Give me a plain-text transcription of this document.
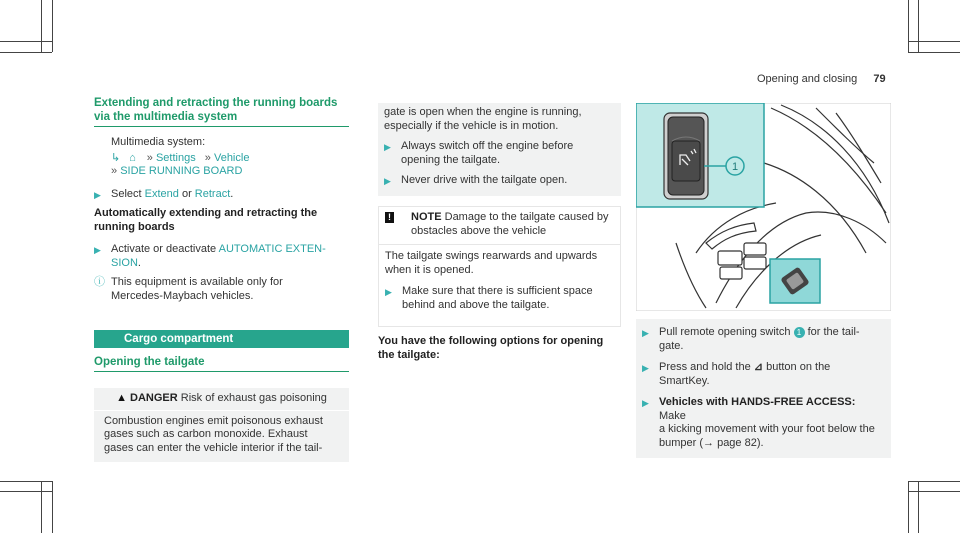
Opening and closing 79
Extending and retracting the running boards
via the multimedia system
Multimedia system:
↳ ⌂ » Settings » Vehicle
» SIDE RUNNING BOARD
▶ Select Extend or Retract.
Automatically extending and retracting the
running boards
▶ Activate or deactivate AUTOMATIC EXTEN-
SION.
ⓘ This equipment is available only for
Mercedes-Maybach vehicles.
Cargo compartment
Opening the tailgate
▲ DANGER Risk of exhaust gas poisoning
Combustion engines emit poisonous exhaust
gases such as carbon monoxide. Exhaust
gases can enter the vehicle interior if the tail-
gate is open when the engine is running,
especially if the vehicle is in motion.
▶ Always switch off the engine before
opening the tailgate.
▶ Never drive with the tailgate open.
!	NOTE Damage to the tailgate caused by
obstacles above the vehicle
The tailgate swings rearwards and upwards
when it is opened.
▶ Make sure that there is sufficient space
behind and above the tailgate.
You have the following options for opening
the tailgate:
1
▶ Pull remote opening switch 1 for the tail-
gate.
▶ Press and hold the ⊿ button on the
SmartKey.
▶ Vehicles with HANDS-FREE ACCESS: Make
a kicking movement with your foot below the
bumper (→ page 82).
